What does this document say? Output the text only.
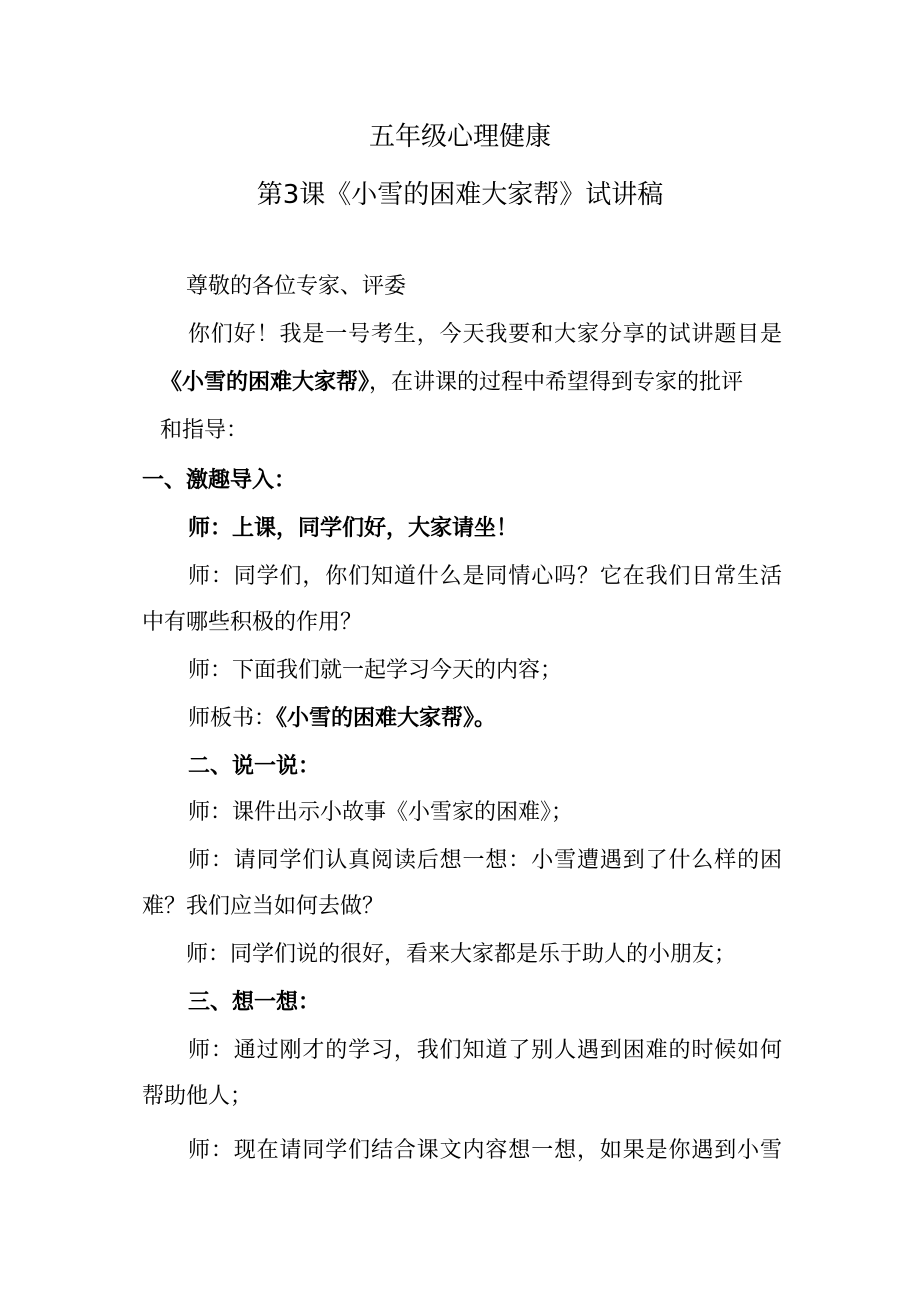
五年级心理健康
第3课《小雪的困难大家帮》试讲稿
尊敬的各位专家、评委
你们好！我是一号考生，今天我要和大家分享的试讲题目是
《小雪的困难大家帮》，在讲课的过程中希望得到专家的批评
和指导：
一、激趣导入：
师：上课，同学们好，大家请坐！
师：同学们，你们知道什么是同情心吗？它在我们日常生活
中有哪些积极的作用？
师：下面我们就一起学习今天的内容；
师板书：《小雪的困难大家帮》。
二、说一说：
师：课件出示小故事《小雪家的困难》；
师：请同学们认真阅读后想一想：小雪遭遇到了什么样的困
难？我们应当如何去做？
师：同学们说的很好，看来大家都是乐于助人的小朋友；
三、想一想：
师：通过刚才的学习，我们知道了别人遇到困难的时候如何
帮助他人；
师：现在请同学们结合课文内容想一想，如果是你遇到小雪
